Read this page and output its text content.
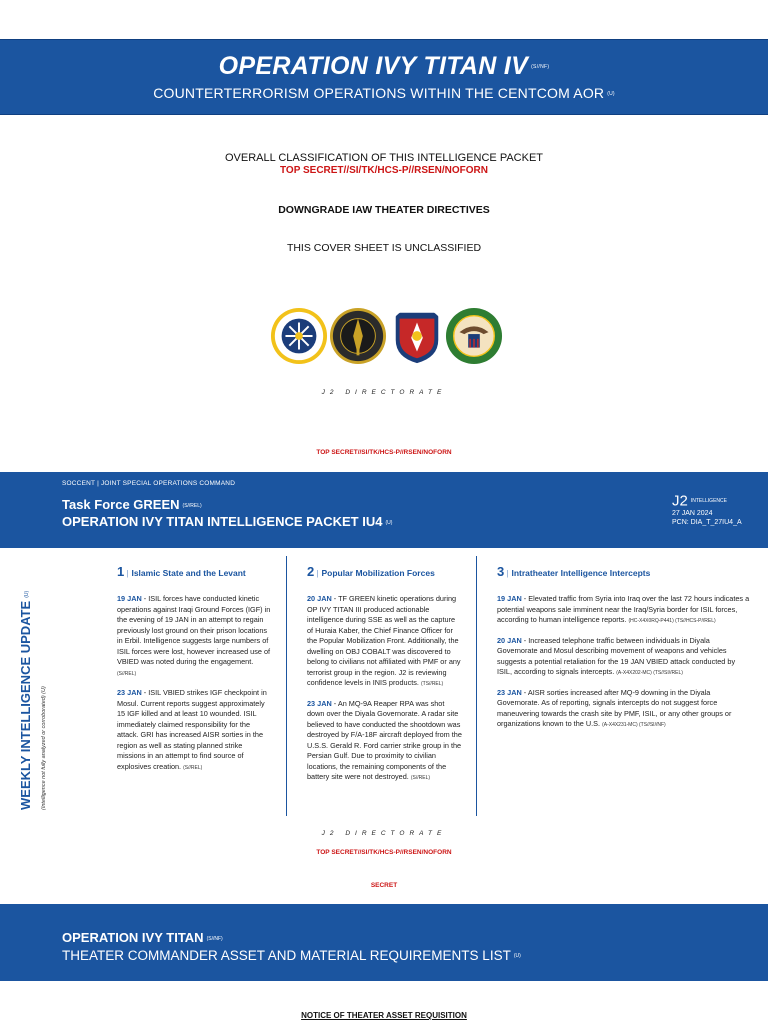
OPERATION IVY TITAN IV (S//NF)
COUNTERTERRORISM OPERATIONS WITHIN THE CENTCOM AOR (U)
OVERALL CLASSIFICATION OF THIS INTELLIGENCE PACKET
TOP SECRET//SI/TK/HCS-P//RSEN/NOFORN
DOWNGRADE IAW THEATER DIRECTIVES
THIS COVER SHEET IS UNCLASSIFIED
J2 DIRECTORATE
TOP SECRET//SI/TK/HCS-P//RSEN/NOFORN
SOCCENT | JOINT SPECIAL OPERATIONS COMMAND
Task Force GREEN (S//REL)
OPERATION IVY TITAN INTELLIGENCE PACKET IU4 (U)
J2 INTELLIGENCE
27 JAN 2024
PCN: DIA_T_27IU4_A
WEEKLY INTELLIGENCE UPDATE(U)
(Intelligence not fully analyzed or corroborated) (U)
1 | Islamic State and the Levant

19 JAN - ISIL forces have conducted kinetic operations against Iraqi Ground Forces (IGF) in the evening of 19 JAN in an attempt to regain previously lost ground on their prison locations in Erbil. Intelligence suggests large numbers of ISIL forces were lost, however increased use of VBIED was noted during the engagement. (S//REL)

23 JAN - ISIL VBIED strikes IGF checkpoint in Mosul. Current reports suggest approximately 15 IGF killed and at least 10 wounded. ISIL immediately claimed responsibility for the attack. GRI has increased AISR sorties in the region as well as stating planned strike missions in an attempt to find source of explosives creation. (S//REL)

2 | Popular Mobilization Forces

20 JAN - TF GREEN kinetic operations during OP IVY TITAN III produced actionable intelligence during SSE as well as the capture of Huraia Kaber, the Chief Finance Officer for the Popular Mobilization Front. Additionally, the dwelling on OBJ COBALT was discovered to belong to civilians not affiliated with PMF or any terrorist group in the region. J2 is reviewing confidence levels in INIS products. (TS//REL)

23 JAN - An MQ-9A Reaper RPA was shot down over the Diyala Governorate. A radar site believed to have conducted the shootdown was destroyed by F/A-18F aircraft deployed from the U.S.S. Gerald R. Ford carrier strike group in the Persian Gulf. Due to proximity to civilian locations, the remaining components of the battery site were not destroyed. (S//REL)

3 | Intratheater Intelligence Intercepts

19 JAN - Elevated traffic from Syria into Iraq over the last 72 hours indicates a potential weapons sale imminent near the Iraq/Syria border for ISIL forces, according to human intelligence reports. (HC-X4X0RQ-P441) (TS//HCS-P//REL)

20 JAN - Increased telephone traffic between individuals in Diyala Governorate and Mosul describing movement of weapons and vehicles suggests a potential retaliation for the 19 JAN VBIED attack conducted by ISIL, according to signals intercepts. (A-X4X202-MC) (TS//SI//REL)

23 JAN - AISR sorties increased after MQ-9 downing in the Diyala Governorate. As of reporting, signals intercepts do not suggest force maneuvering towards the crash site by PMF, ISIL, or any other groups or organizations known to the U.S. (A-X4X231-MC) (TS//SI//NF)

J2 DIRECTORATE
TOP SECRET//SI/TK/HCS-P//RSEN/NOFORN
SECRET
OPERATION IVY TITAN (S//NF)
THEATER COMMANDER ASSET AND MATERIAL REQUIREMENTS LIST (U)
NOTICE OF THEATER ASSET REQUISITION
